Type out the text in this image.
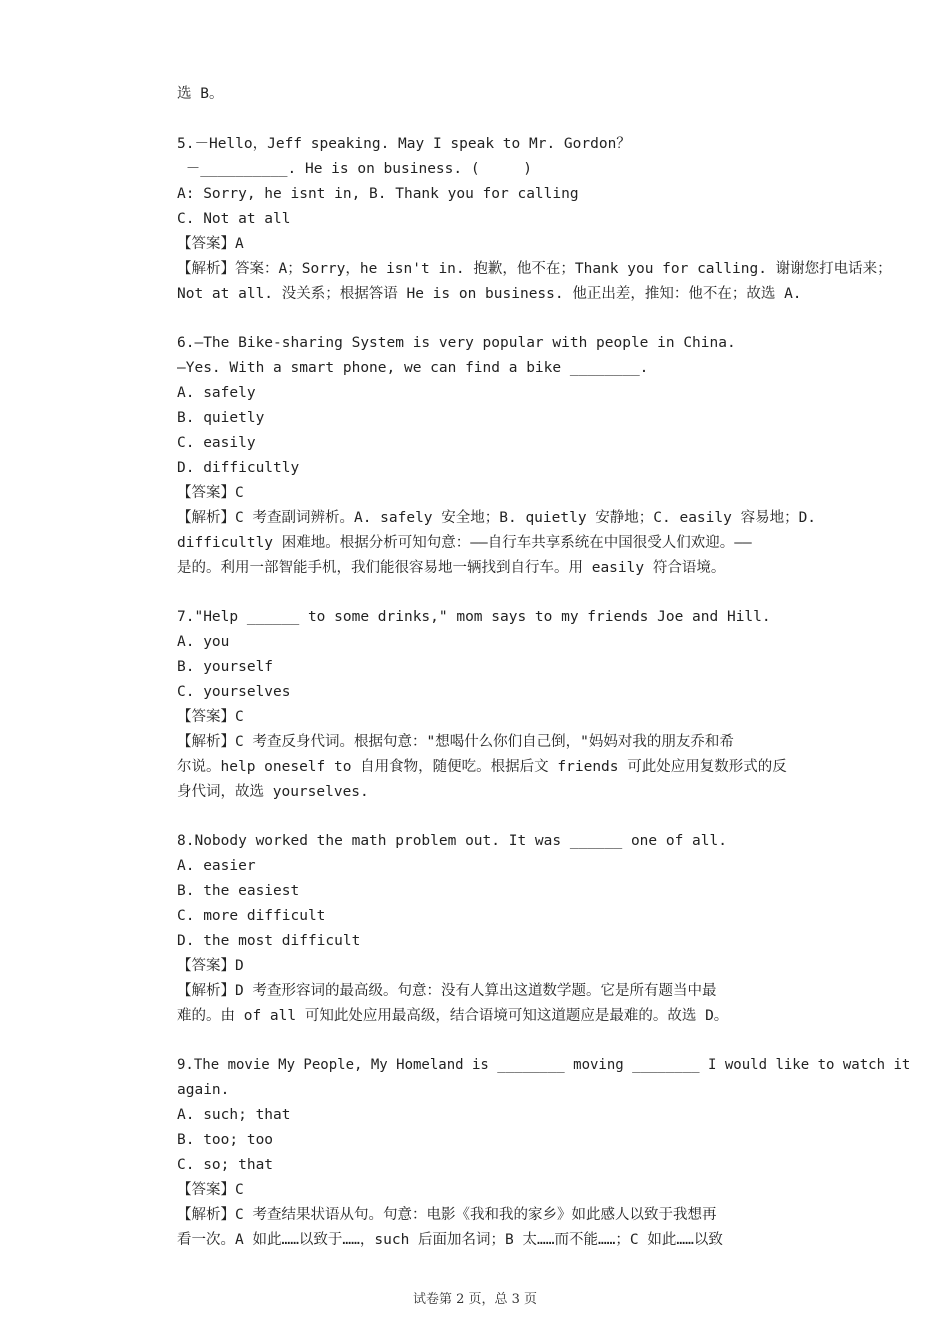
选 B。
5.－Hello，Jeff speaking. May I speak to Mr. Gordon？
－__________. He is on business. (     )
A: Sorry, he isnt in, B. Thank you for calling
C. Not at all
【答案】A
【解析】答案：A；Sorry，he isn't in. 抱歉，他不在；Thank you for calling. 谢谢您打电话来；
Not at all. 没关系；根据答语 He is on business. 他正出差，推知：他不在；故选 A.
6.—The Bike-sharing System is very popular with people in China.
—Yes. With a smart phone, we can find a bike ________.
A. safely
B. quietly
C. easily
D. difficultly
【答案】C
【解析】C 考查副词辨析。A. safely 安全地；B. quietly 安静地；C. easily 容易地；D.
difficultly 困难地。根据分析可知句意：——自行车共享系统在中国很受人们欢迎。——
是的。利用一部智能手机，我们能很容易地一辆找到自行车。用 easily 符合语境。
7."Help ______ to some drinks," mom says to my friends Joe and Hill.
A. you
B. yourself
C. yourselves
【答案】C
【解析】C 考查反身代词。根据句意："想喝什么你们自己倒，"妈妈对我的朋友乔和希
尔说。help oneself to 自用食物，随便吃。根据后文 friends 可此处应用复数形式的反
身代词，故选 yourselves.
8.Nobody worked the math problem out. It was ______ one of all.
A. easier
B. the easiest
C. more difficult
D. the most difficult
【答案】D
【解析】D 考查形容词的最高级。句意：没有人算出这道数学题。它是所有题当中最
难的。由 of all 可知此处应用最高级，结合语境可知这道题应是最难的。故选 D。
9.The movie My People, My Homeland is ________ moving ________ I would like to watch it
again.
A. such; that
B. too; too
C. so; that
【答案】C
【解析】C 考查结果状语从句。句意：电影《我和我的家乡》如此感人以致于我想再
看一次。A 如此……以致于……，such 后面加名词；B 太……而不能……；C 如此……以致
试卷第 2 页，总 3 页
